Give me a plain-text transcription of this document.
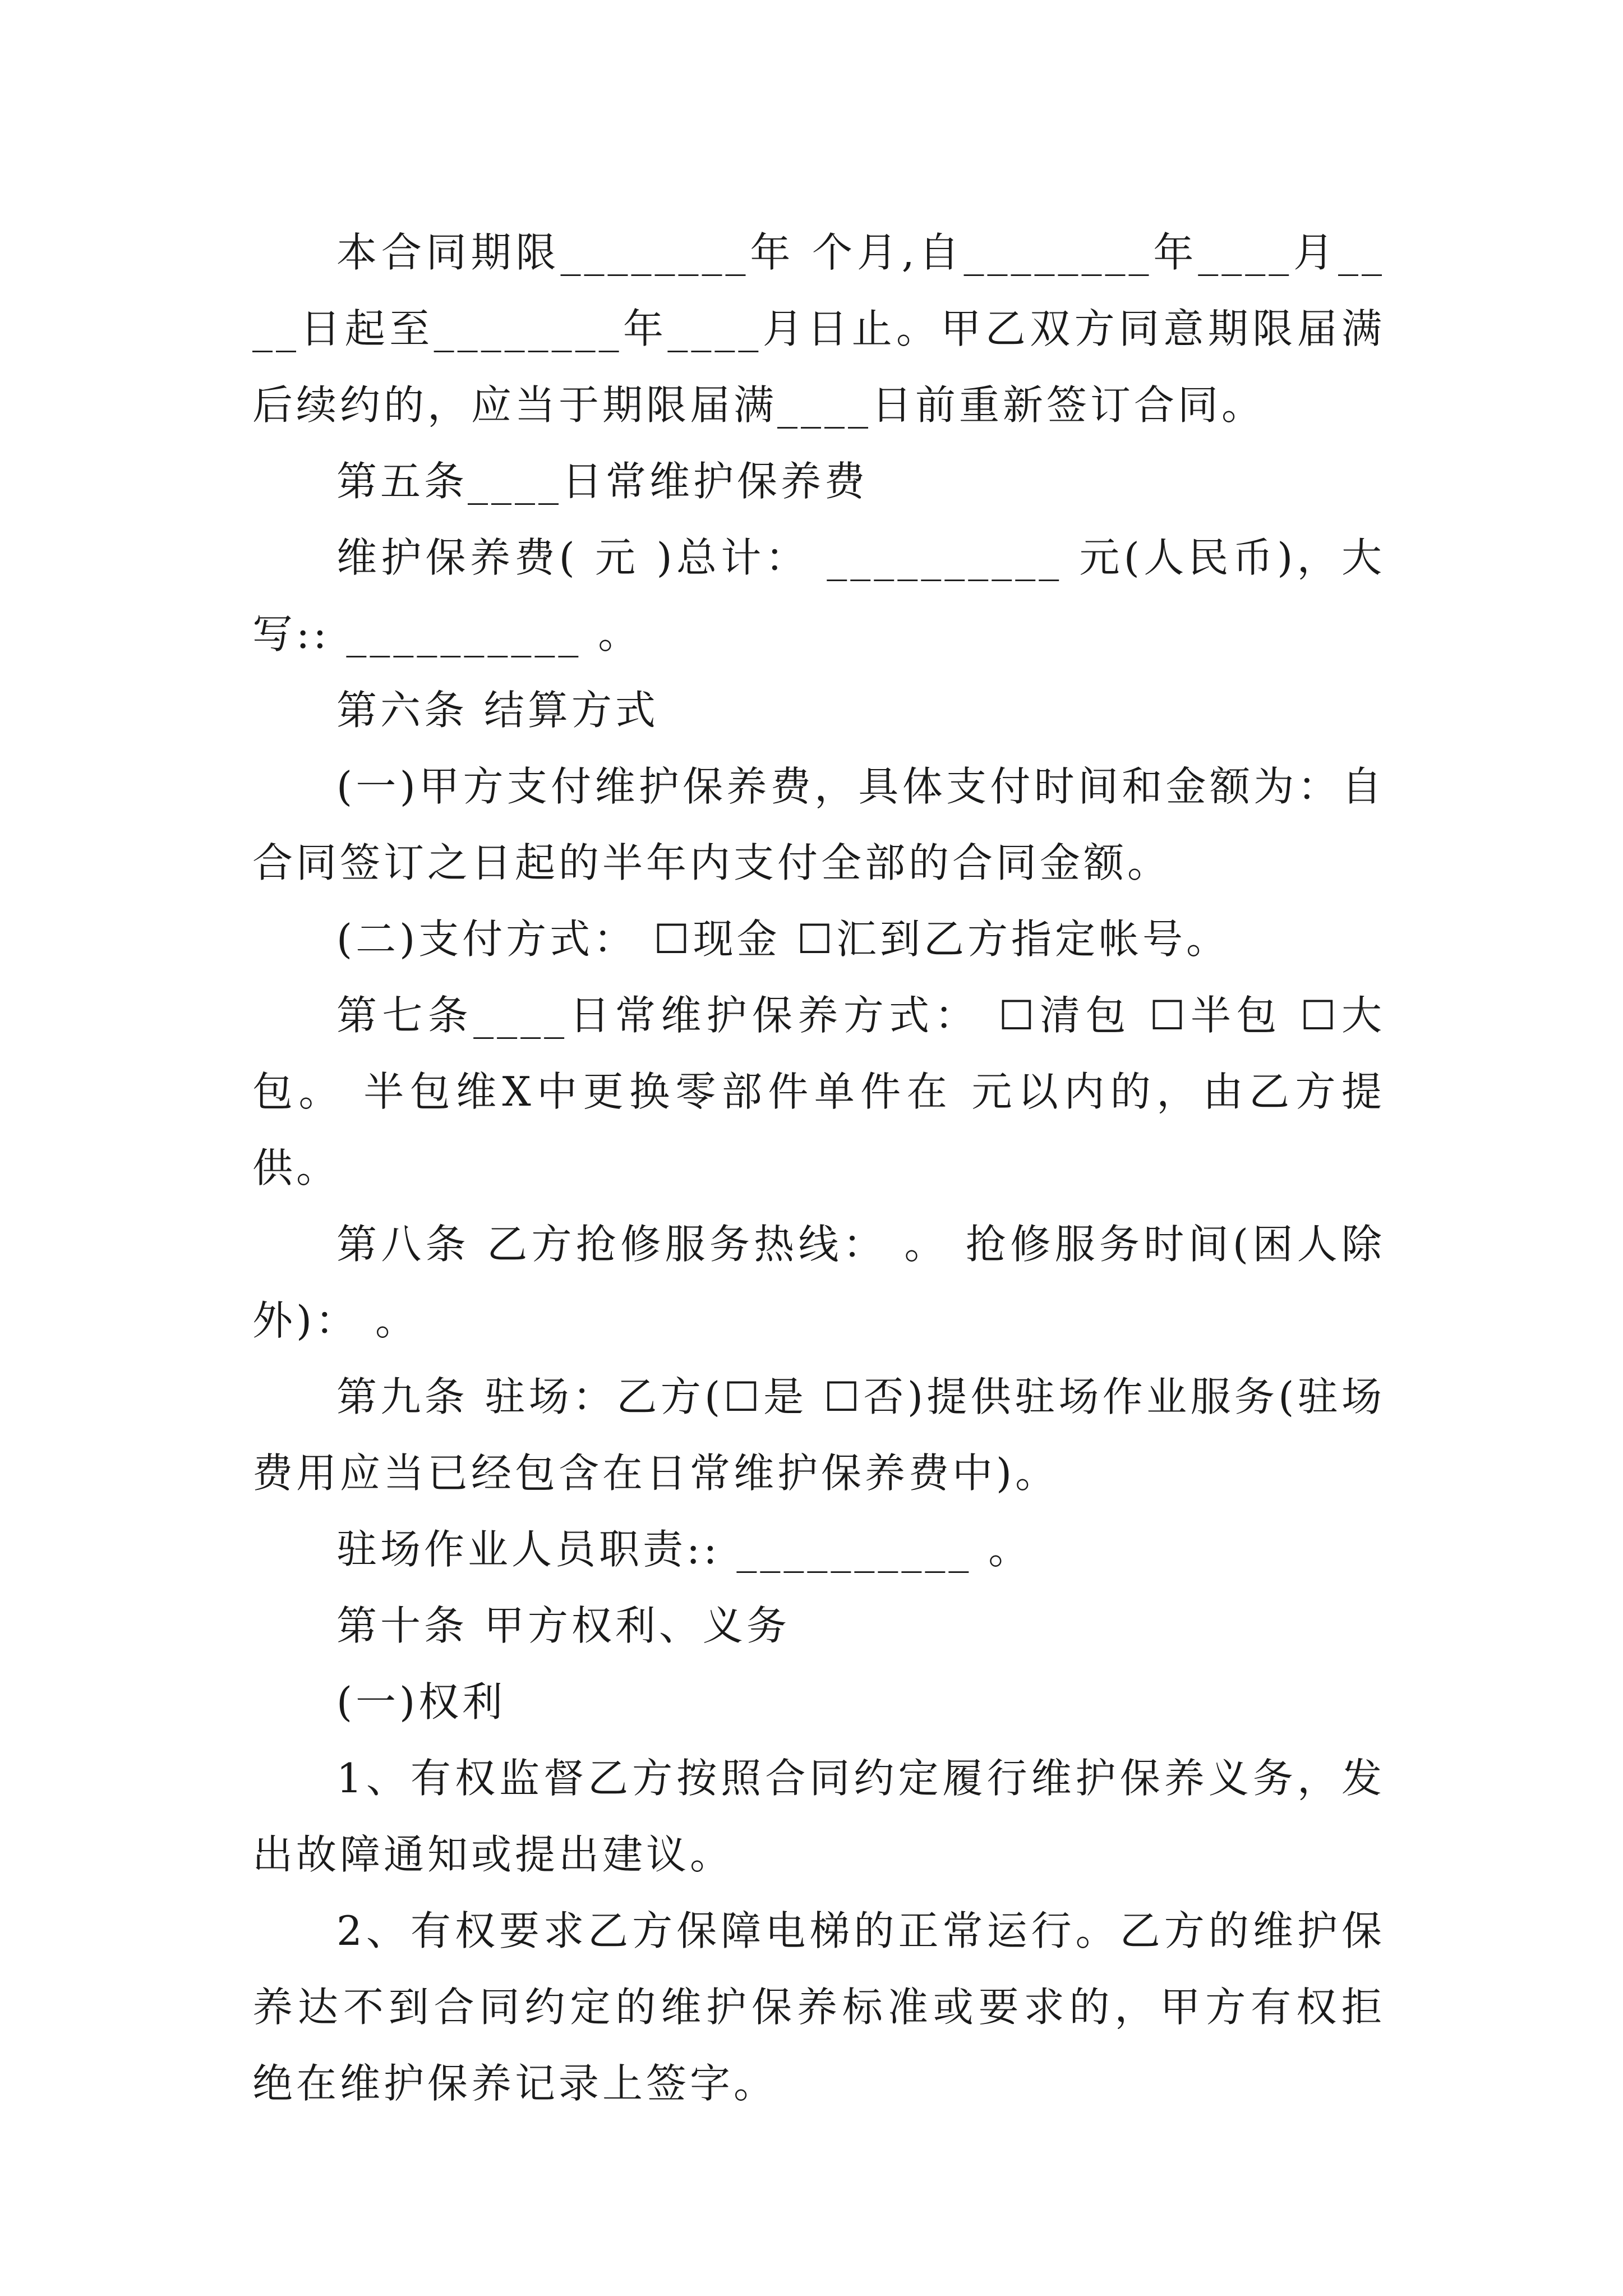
本合同期限________年 个月,自________年____月____日起至________年____月日止。甲乙双方同意期限届满后续约的，应当于期限届满____日前重新签订合同。

第五条____日常维护保养费

维护保养费( 元 )总计： __________ 元(人民币)，大写:: __________ 。

第六条 结算方式

(一)甲方支付维护保养费，具体支付时间和金额为：自合同签订之日起的半年内支付全部的合同金额。

(二)支付方式： ☐现金 ☐汇到乙方指定帐号。

第七条____日常维护保养方式： ☐清包 ☐半包 ☐大包。 半包维X中更换零部件单件在 元以内的，由乙方提供。

第八条 乙方抢修服务热线： 。 抢修服务时间(困人除外)： 。

第九条 驻场：乙方(☐是 ☐否)提供驻场作业服务(驻场费用应当已经包含在日常维护保养费中)。

驻场作业人员职责:: __________ 。

第十条 甲方权利、义务

(一)权利

1、有权监督乙方按照合同约定履行维护保养义务，发出故障通知或提出建议。

2、有权要求乙方保障电梯的正常运行。乙方的维护保养达不到合同约定的维护保养标准或要求的，甲方有权拒绝在维护保养记录上签字。
